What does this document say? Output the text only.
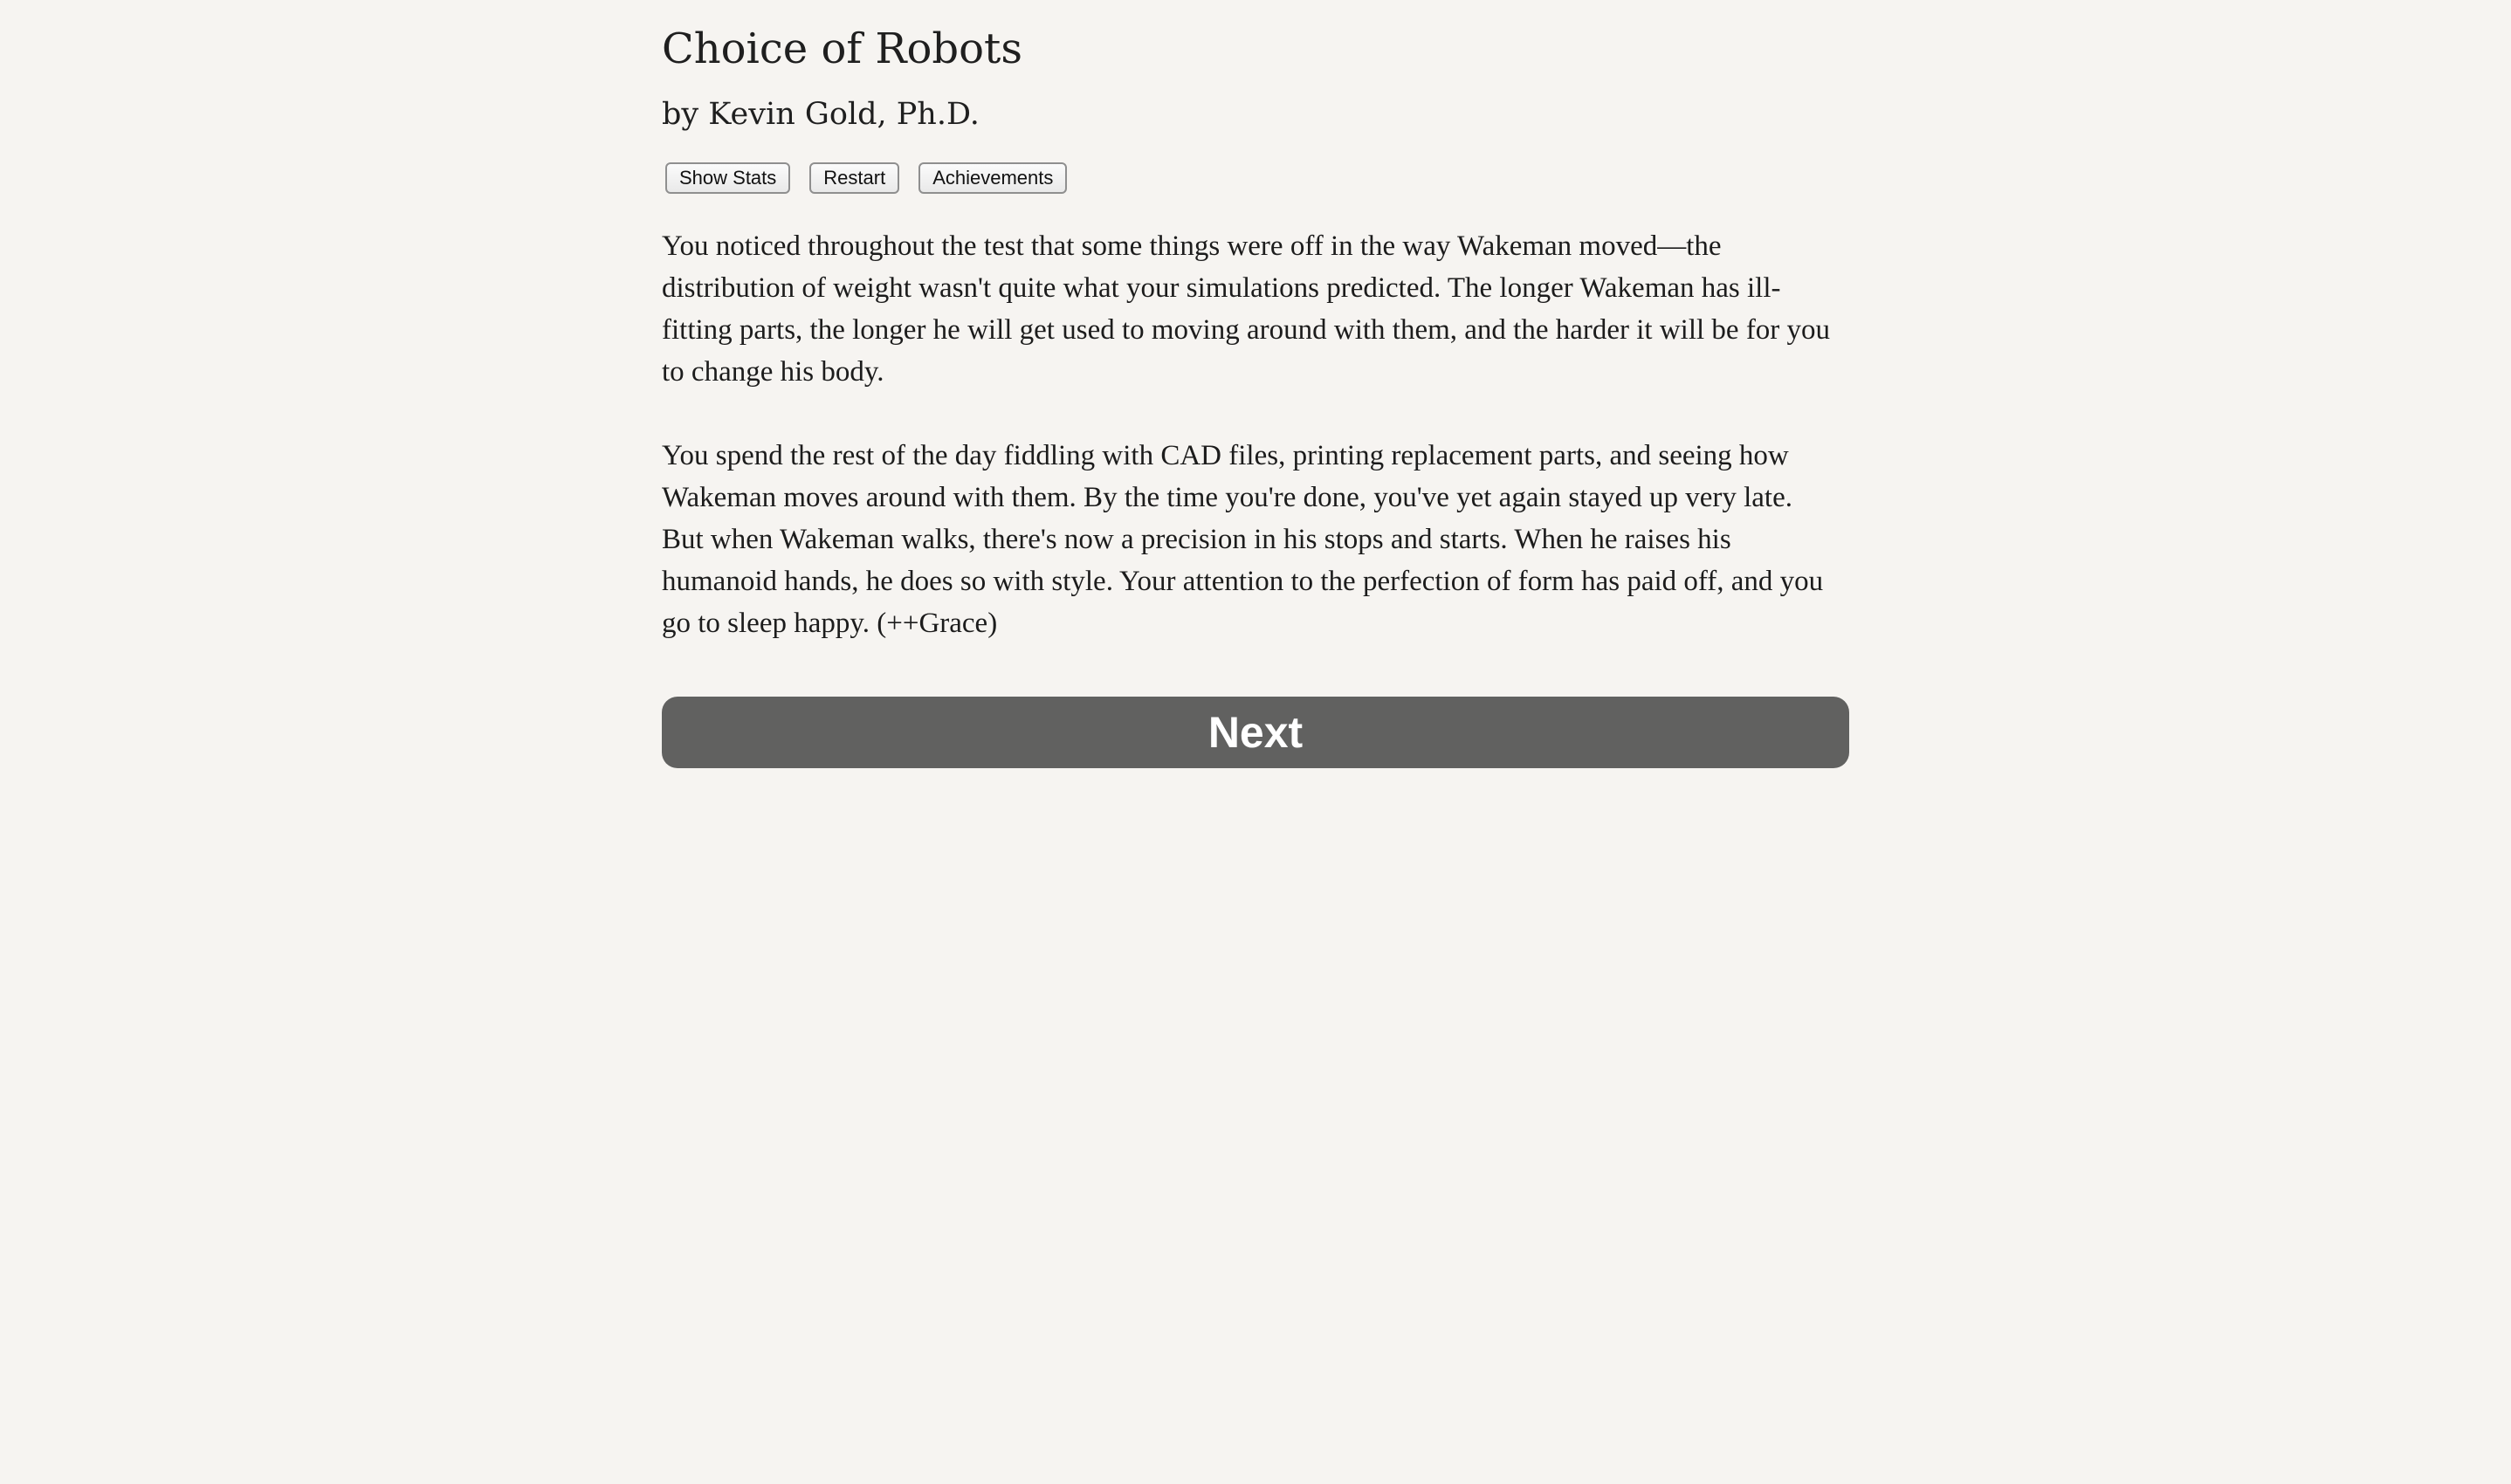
Choice of Robots
by Kevin Gold, Ph.D.
Show Stats	Restart	Achievements

You noticed throughout the test that some things were off in the way Wakeman moved—the distribution of weight wasn't quite what your simulations predicted. The longer Wakeman has ill-fitting parts, the longer he will get used to moving around with them, and the harder it will be for you to change his body.

You spend the rest of the day fiddling with CAD files, printing replacement parts, and seeing how Wakeman moves around with them. By the time you're done, you've yet again stayed up very late. But when Wakeman walks, there's now a precision in his stops and starts. When he raises his humanoid hands, he does so with style. Your attention to the perfection of form has paid off, and you go to sleep happy. (++Grace)

Next
